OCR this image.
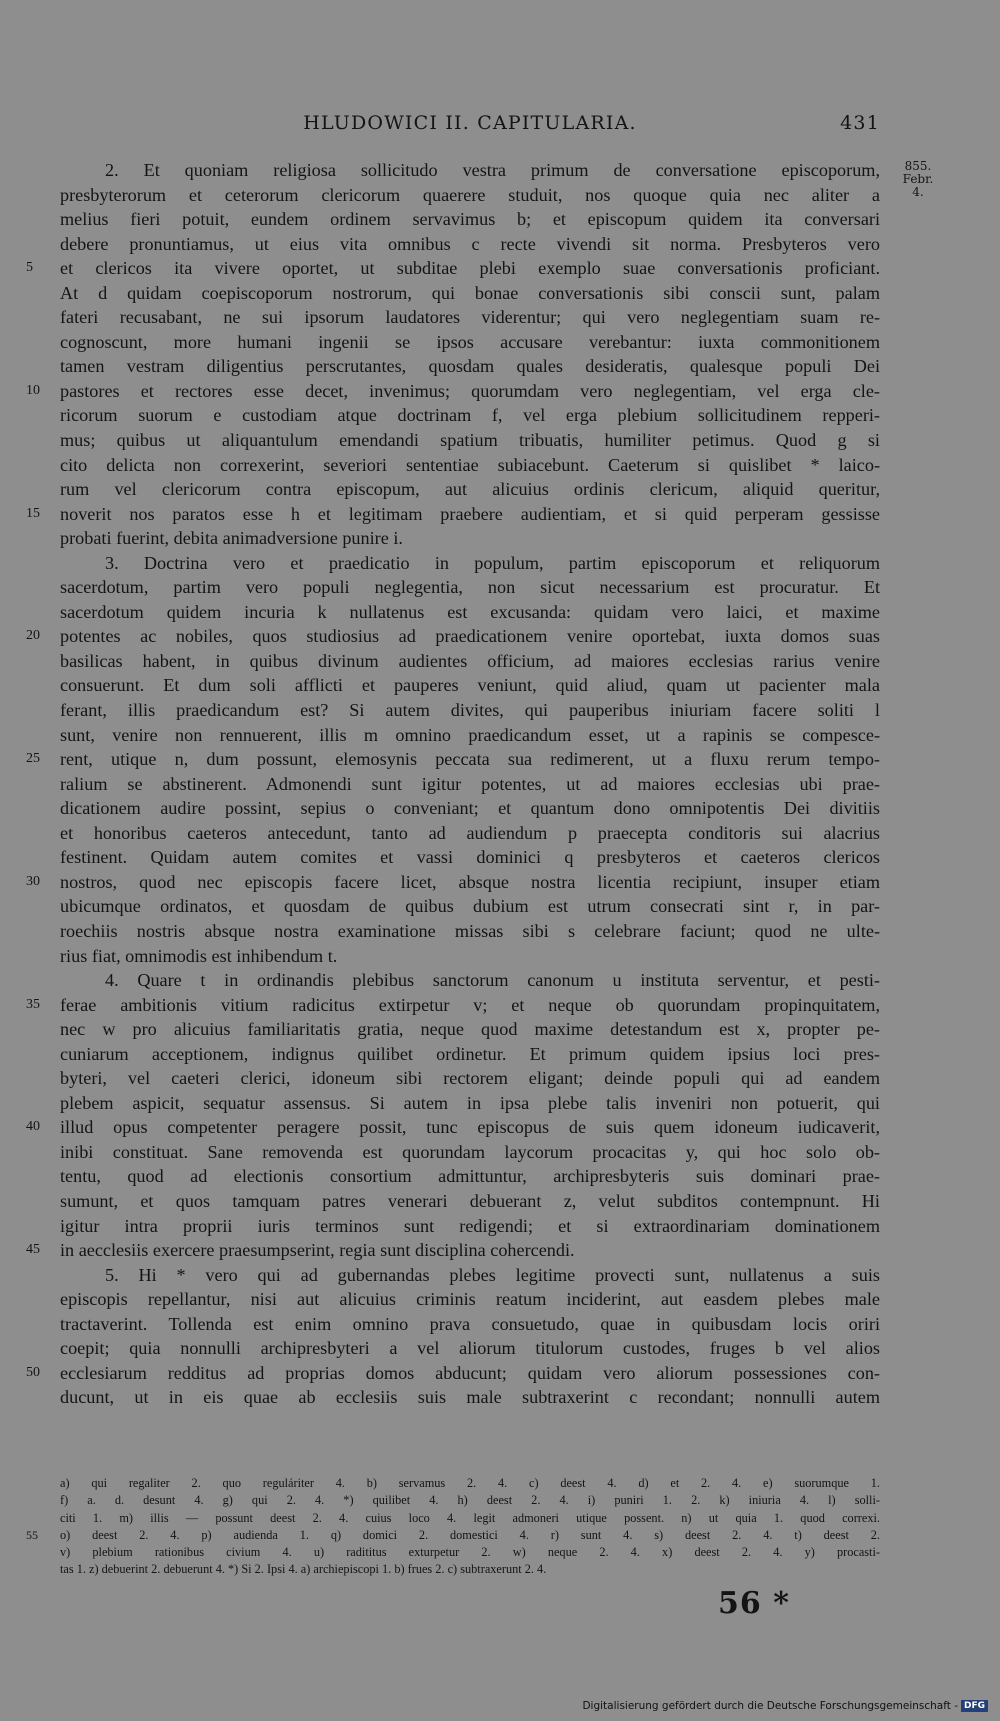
HLUDOWICI II. CAPITULARIA.	431
855.
Febr.
4.
2. Et quoniam religiosa sollicitudo vestra primum de conversatione episcoporum,
presbyterorum et ceterorum clericorum quaerere studuit, nos quoque quia nec aliter a
melius fieri potuit, eundem ordinem servavimus b; et episcopum quidem ita conversari
debere pronuntiamus, ut eius vita omnibus c recte vivendi sit norma. Presbyteros vero
et clericos ita vivere oportet, ut subditae plebi exemplo suae conversationis proficiant.
5
At d quidam coepiscoporum nostrorum, qui bonae conversationis sibi conscii sunt, palam
fateri recusabant, ne sui ipsorum laudatores viderentur; qui vero neglegentiam suam re-
cognoscunt, more humani ingenii se ipsos accusare verebantur: iuxta commonitionem
tamen vestram diligentius perscrutantes, quosdam quales desideratis, qualesque populi Dei
pastores et rectores esse decet, invenimus; quorumdam vero neglegentiam, vel erga cle-
10
ricorum suorum e custodiam atque doctrinam f, vel erga plebium sollicitudinem repperi-
mus; quibus ut aliquantulum emendandi spatium tribuatis, humiliter petimus. Quod g si
cito delicta non correxerint, severiori sententiae subiacebunt. Caeterum si quislibet * laico-
rum vel clericorum contra episcopum, aut alicuius ordinis clericum, aliquid queritur,
noverit nos paratos esse h et legitimam praebere audientiam, et si quid perperam gessisse
15
probati fuerint, debita animadversione punire i.
3. Doctrina vero et praedicatio in populum, partim episcoporum et reliquorum
sacerdotum, partim vero populi neglegentia, non sicut necessarium est procuratur. Et
sacerdotum quidem incuria k nullatenus est excusanda: quidam vero laici, et maxime
potentes ac nobiles, quos studiosius ad praedicationem venire oportebat, iuxta domos suas
20
basilicas habent, in quibus divinum audientes officium, ad maiores ecclesias rarius venire
consuerunt. Et dum soli afflicti et pauperes veniunt, quid aliud, quam ut pacienter mala
ferant, illis praedicandum est? Si autem divites, qui pauperibus iniuriam facere soliti l
sunt, venire non rennuerent, illis m omnino praedicandum esset, ut a rapinis se compesce-
rent, utique n, dum possunt, elemosynis peccata sua redimerent, ut a fluxu rerum tempo-
25
ralium se abstinerent. Admonendi sunt igitur potentes, ut ad maiores ecclesias ubi prae-
dicationem audire possint, sepius o conveniant; et quantum dono omnipotentis Dei divitiis
et honoribus caeteros antecedunt, tanto ad audiendum p praecepta conditoris sui alacrius
festinent. Quidam autem comites et vassi dominici q presbyteros et caeteros clericos
nostros, quod nec episcopis facere licet, absque nostra licentia recipiunt, insuper etiam
30
ubicumque ordinatos, et quosdam de quibus dubium est utrum consecrati sint r, in par-
roechiis nostris absque nostra examinatione missas sibi s celebrare faciunt; quod ne ulte-
rius fiat, omnimodis est inhibendum t.
4. Quare t in ordinandis plebibus sanctorum canonum u instituta serventur, et pesti-
ferae ambitionis vitium radicitus extirpetur v; et neque ob quorundam propinquitatem,
35
nec w pro alicuius familiaritatis gratia, neque quod maxime detestandum est x, propter pe-
cuniarum acceptionem, indignus quilibet ordinetur. Et primum quidem ipsius loci pres-
byteri, vel caeteri clerici, idoneum sibi rectorem eligant; deinde populi qui ad eandem
plebem aspicit, sequatur assensus. Si autem in ipsa plebe talis inveniri non potuerit, qui
illud opus competenter peragere possit, tunc episcopus de suis quem idoneum iudicaverit,
40
inibi constituat. Sane removenda est quorundam laycorum procacitas y, qui hoc solo ob-
tentu, quod ad electionis consortium admittuntur, archipresbyteris suis dominari prae-
sumunt, et quos tamquam patres venerari debuerant z, velut subditos contempnunt. Hi
igitur intra proprii iuris terminos sunt redigendi; et si extraordinariam dominationem
in aecclesiis exercere praesumpserint, regia sunt disciplina cohercendi.
45
5. Hi * vero qui ad gubernandas plebes legitime provecti sunt, nullatenus a suis
episcopis repellantur, nisi aut alicuius criminis reatum inciderint, aut easdem plebes male
tractaverint. Tollenda est enim omnino prava consuetudo, quae in quibusdam locis oriri
coepit; quia nonnulli archipresbyteri a vel aliorum titulorum custodes, fruges b vel alios
ecclesiarum redditus ad proprias domos abducunt; quidam vero aliorum possessiones con-
50
ducunt, ut in eis quae ab ecclesiis suis male subtraxerint c recondant; nonnulli autem
a) qui regaliter 2. quo reguláriter 4. b) servamus 2. 4. c) deest 4. d) et 2. 4. e) suorumque 1.
f) a. d. desunt 4. g) qui 2. 4. *) quilibet 4. h) deest 2. 4. i) puniri 1. 2. k) iniuria 4. l) solli-
citi 1. m) illis — possunt deest 2. 4. cuius loco 4. legit admoneri utique possent. n) ut quia 1. quod correxi.
o) deest 2. 4. p) audienda 1. q) domici 2. domestici 4. r) sunt 4. s) deest 2. 4. t) deest 2.
55
v) plebium rationibus civium 4. u) radititus exturpetur 2. w) neque 2. 4. x) deest 2. 4. y) procasti-
tas 1. z) debuerint 2. debuerunt 4. *) Si 2. Ipsi 4. a) archiepiscopi 1. b) frues 2. c) subtraxerunt 2. 4.
56 *
Digitalisierung gefördert durch die Deutsche Forschungsgemeinschaft - DFG
